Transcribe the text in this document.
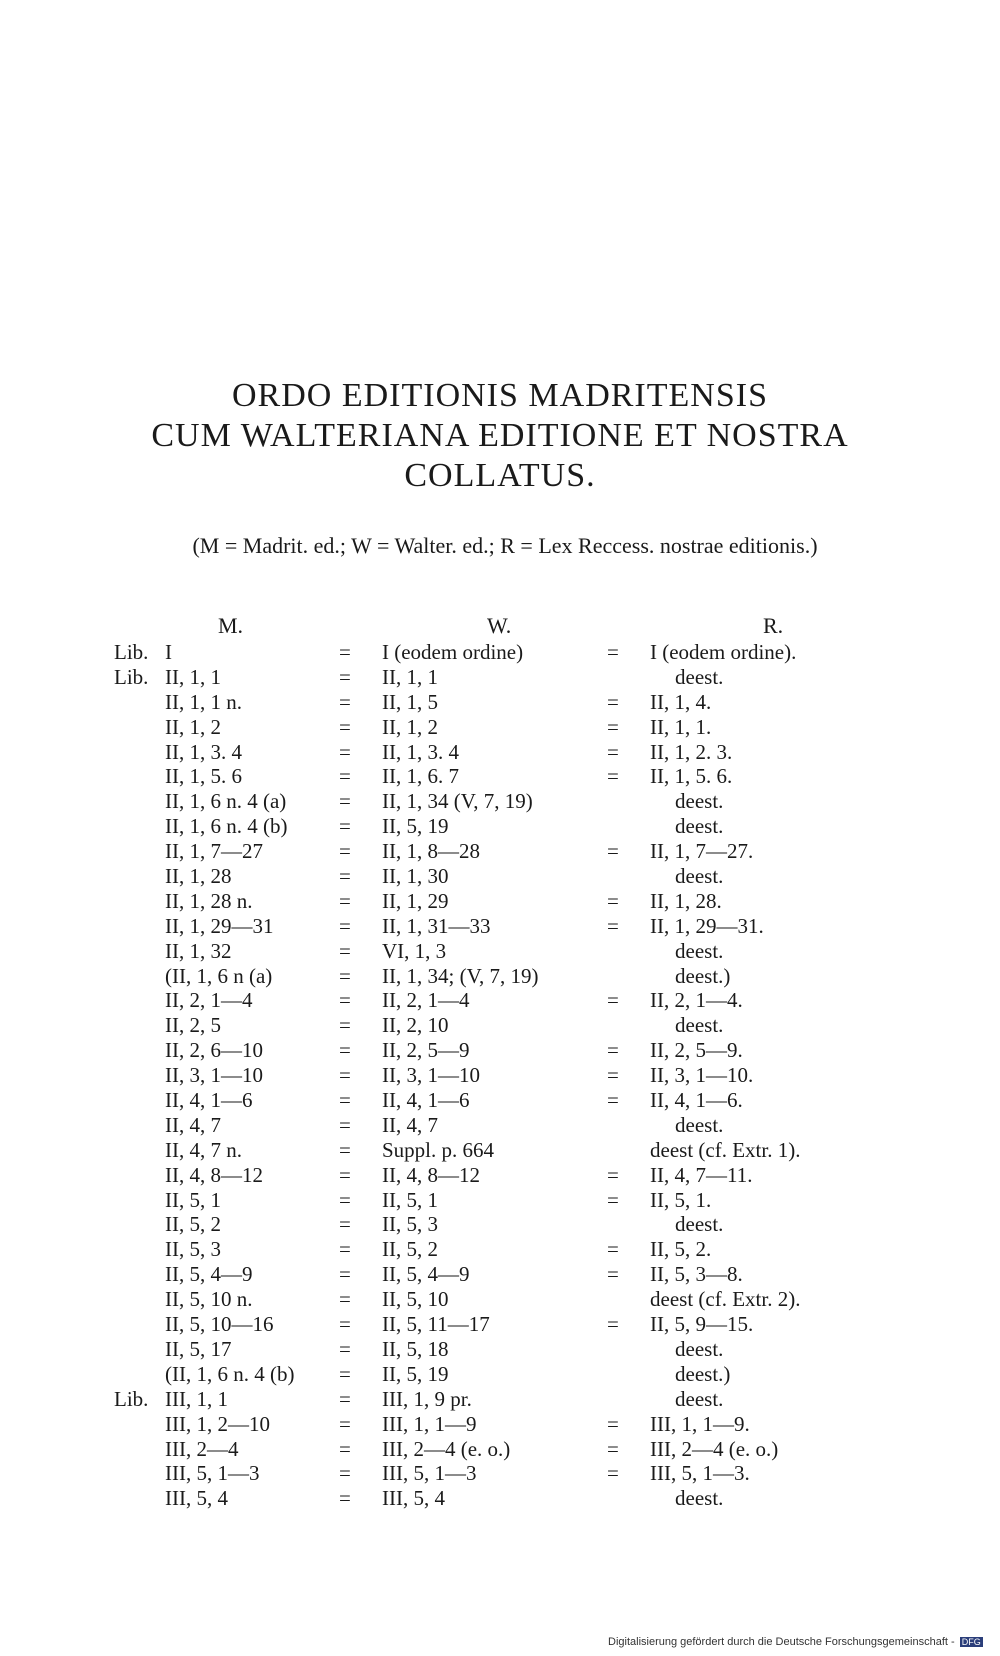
ORDO EDITIONIS MADRITENSIS
CUM WALTERIANA EDITIONE ET NOSTRA
COLLATUS.
(M = Madrit. ed.; W = Walter. ed.; R = Lex Reccess. nostrae editionis.)
M.	W.	R.
Lib. I	= I (eodem ordine)	= I (eodem ordine).
Lib. II, 1, 1	= II, 1, 1	deest.
II, 1, 1 n.	= II, 1, 5	= II, 1, 4.
II, 1, 2	= II, 1, 2	= II, 1, 1.
II, 1, 3. 4	= II, 1, 3. 4	= II, 1, 2. 3.
II, 1, 5. 6	= II, 1, 6. 7	= II, 1, 5. 6.
II, 1, 6 n. 4 (a)	= II, 1, 34 (V, 7, 19)	deest.
II, 1, 6 n. 4 (b) = II, 5, 19	deest.
II, 1, 7—27	= II, 1, 8—28	= II, 1, 7—27.
II, 1, 28	= II, 1, 30	deest.
II, 1, 28 n.	= II, 1, 29	= II, 1, 28.
II, 1, 29—31	= II, 1, 31—33	= II, 1, 29—31.
II, 1, 32	= VI, 1, 3	deest.
(II, 1, 6 n (a)	= II, 1, 34; (V, 7, 19)	deest.)
II, 2, 1—4	= II, 2, 1—4	= II, 2, 1—4.
II, 2, 5	= II, 2, 10	deest.
II, 2, 6—10	= II, 2, 5—9	= II, 2, 5—9.
II, 3, 1—10	= II, 3, 1—10	= II, 3, 1—10.
II, 4, 1—6	= II, 4, 1—6	= II, 4, 1—6.
II, 4, 7	= II, 4, 7	deest.
II, 4, 7 n.	= Suppl. p. 664	deest (cf. Extr. 1).
II, 4, 8—12	= II, 4, 8—12	= II, 4, 7—11.
II, 5, 1	= II, 5, 1	= II, 5, 1.
II, 5, 2	= II, 5, 3	deest.
II, 5, 3	= II, 5, 2	= II, 5, 2.
II, 5, 4—9	= II, 5, 4—9	= II, 5, 3—8.
II, 5, 10 n.	= II, 5, 10	deest (cf. Extr. 2).
II, 5, 10—16	= II, 5, 11—17	= II, 5, 9—15.
II, 5, 17	= II, 5, 18	deest.
(II, 1, 6 n. 4 (b) = II, 5, 19	deest.)
Lib. III, 1, 1	= III, 1, 9 pr.	deest.
III, 1, 2—10	= III, 1, 1—9	= III, 1, 1—9.
III, 2—4	= III, 2—4 (e. o.)	= III, 2—4 (e. o.)
III, 5, 1—3	= III, 5, 1—3	= III, 5, 1—3.
III, 5, 4	= III, 5, 4	deest.
Digitalisierung gefördert durch die Deutsche Forschungsgemeinschaft - DFG
